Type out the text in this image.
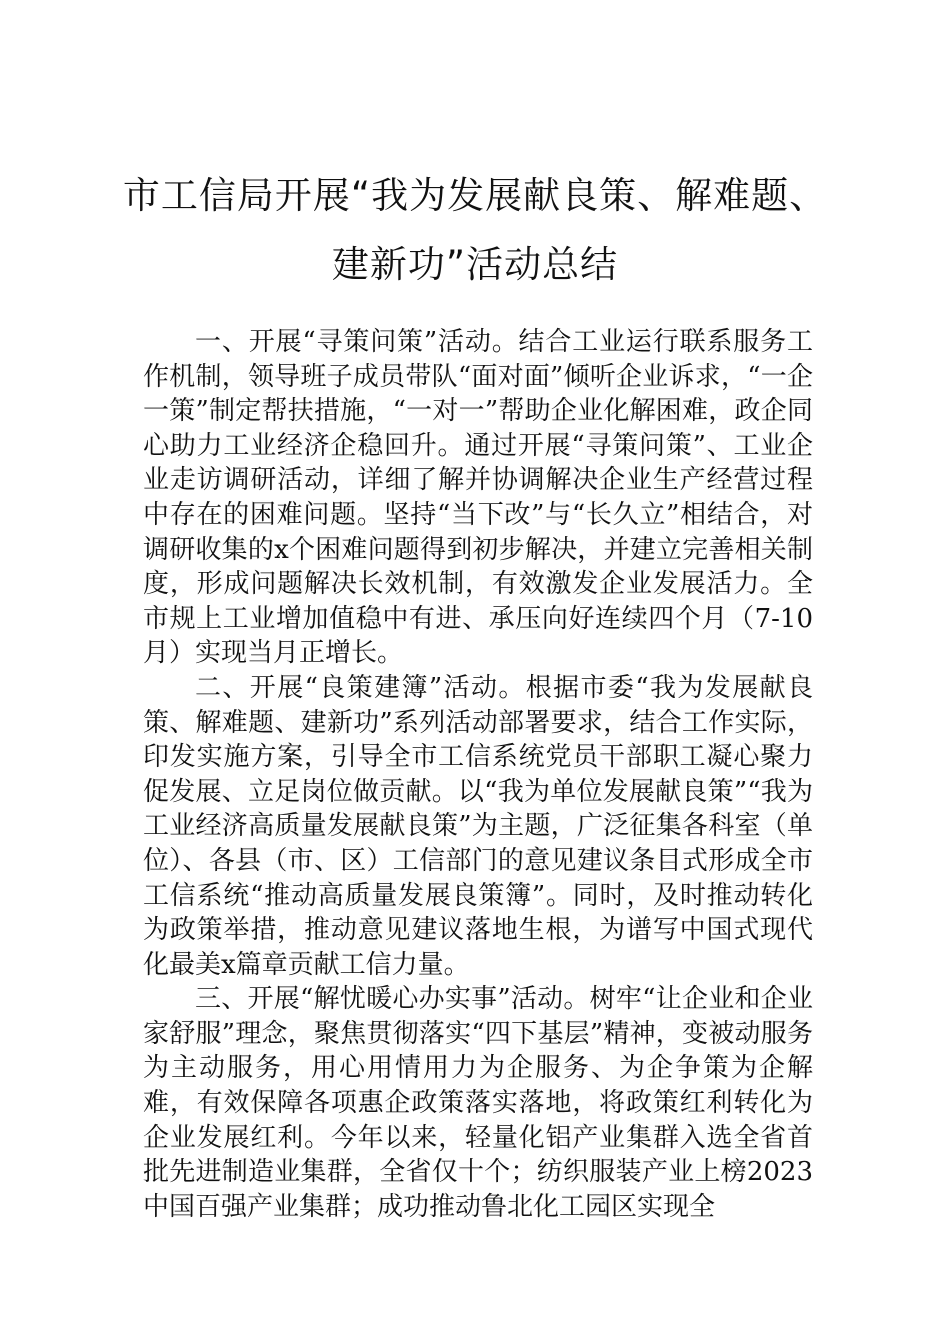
市工信局开展“我为发展献良策、解难题、
建新功”活动总结

一、开展“寻策问策”活动。结合工业运行联系服务工作机制，领导班子成员带队“面对面”倾听企业诉求，“一企一策”制定帮扶措施，“一对一”帮助企业化解困难，政企同心助力工业经济企稳回升。通过开展“寻策问策”、工业企业走访调研活动，详细了解并协调解决企业生产经营过程中存在的困难问题。坚持“当下改”与“长久立”相结合，对调研收集的x个困难问题得到初步解决，并建立完善相关制度，形成问题解决长效机制，有效激发企业发展活力。全市规上工业增加值稳中有进、承压向好连续四个月（7-10月）实现当月正增长。

二、开展“良策建簿”活动。根据市委“我为发展献良策、解难题、建新功”系列活动部署要求，结合工作实际，印发实施方案，引导全市工信系统党员干部职工凝心聚力促发展、立足岗位做贡献。以“我为单位发展献良策”“我为工业经济高质量发展献良策”为主题，广泛征集各科室（单位）、各县（市、区）工信部门的意见建议条目式形成全市工信系统“推动高质量发展良策簿”。同时，及时推动转化为政策举措，推动意见建议落地生根，为谱写中国式现代化最美x篇章贡献工信力量。

三、开展“解忧暖心办实事”活动。树牢“让企业和企业家舒服”理念，聚焦贯彻落实“四下基层”精神，变被动服务为主动服务，用心用情用力为企服务、为企争策为企解难，有效保障各项惠企政策落实落地，将政策红利转化为企业发展红利。今年以来，轻量化铝产业集群入选全省首批先进制造业集群，全省仅十个；纺织服装产业上榜2023中国百强产业集群；成功推动鲁北化工园区实现全
